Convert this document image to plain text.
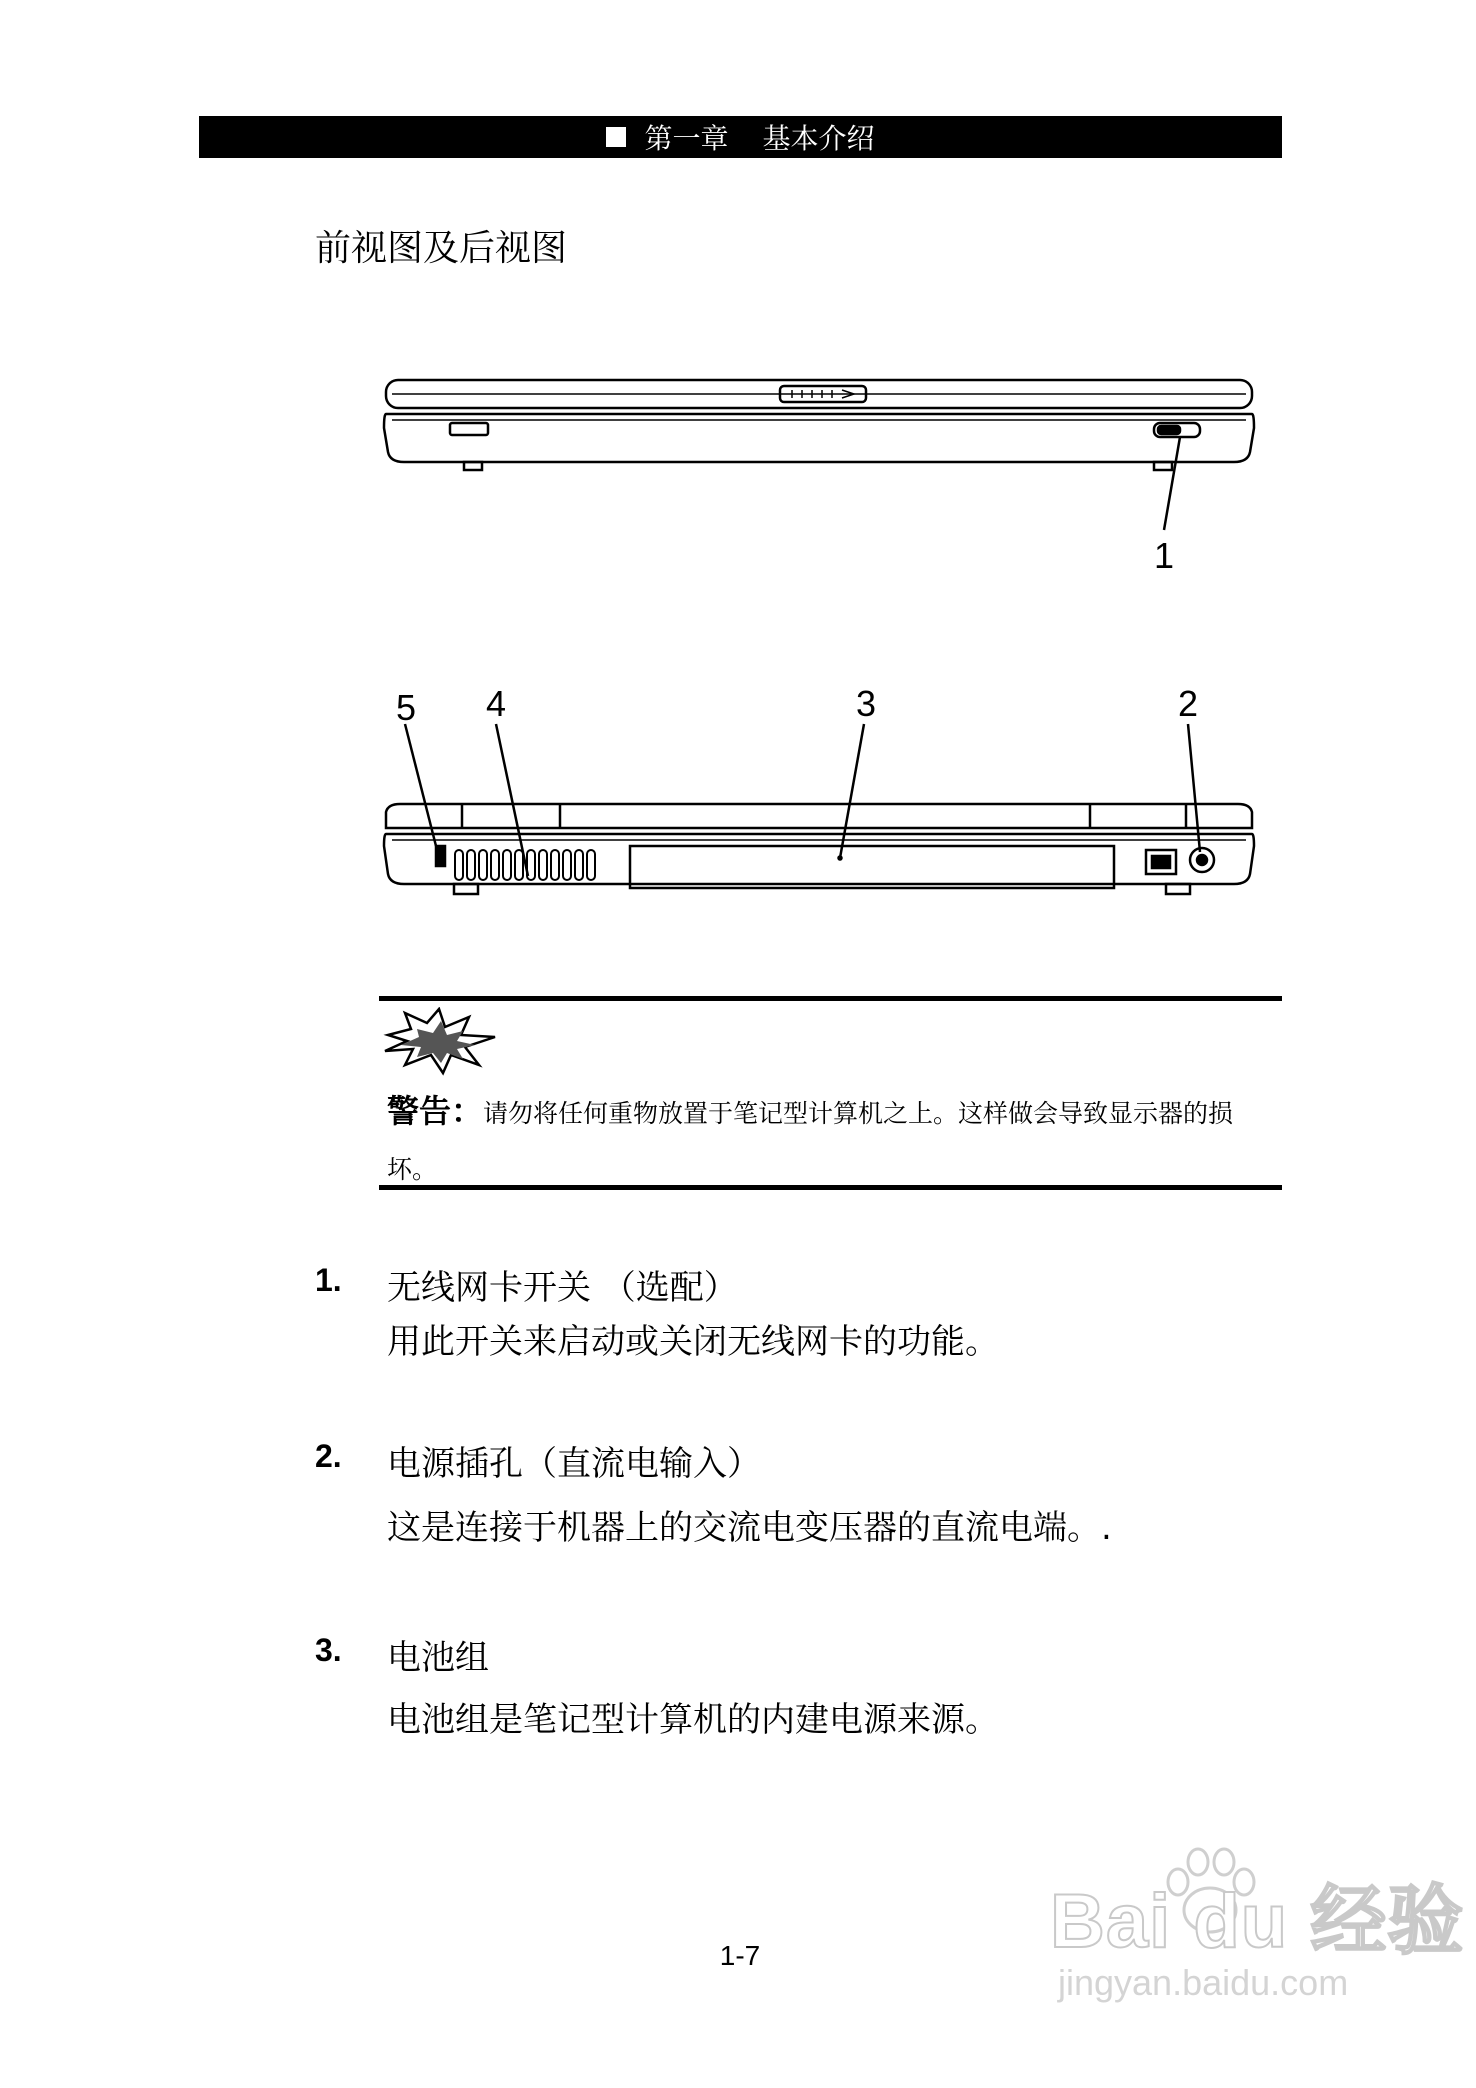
第一章 基本介绍
前视图及后视图
1
2
3
4
5
警告：请勿将任何重物放置于笔记型计算机之上。这样做会导致显示器的损坏。
1. 无线网卡开关 （选配）
用此开关来启动或关闭无线网卡的功能。
2. 电源插孔（直流电输入）
这是连接于机器上的交流电变压器的直流电端。.
3. 电池组
电池组是笔记型计算机的内建电源来源。
1-7	Bai du 经验
jingyan.baidu.com
